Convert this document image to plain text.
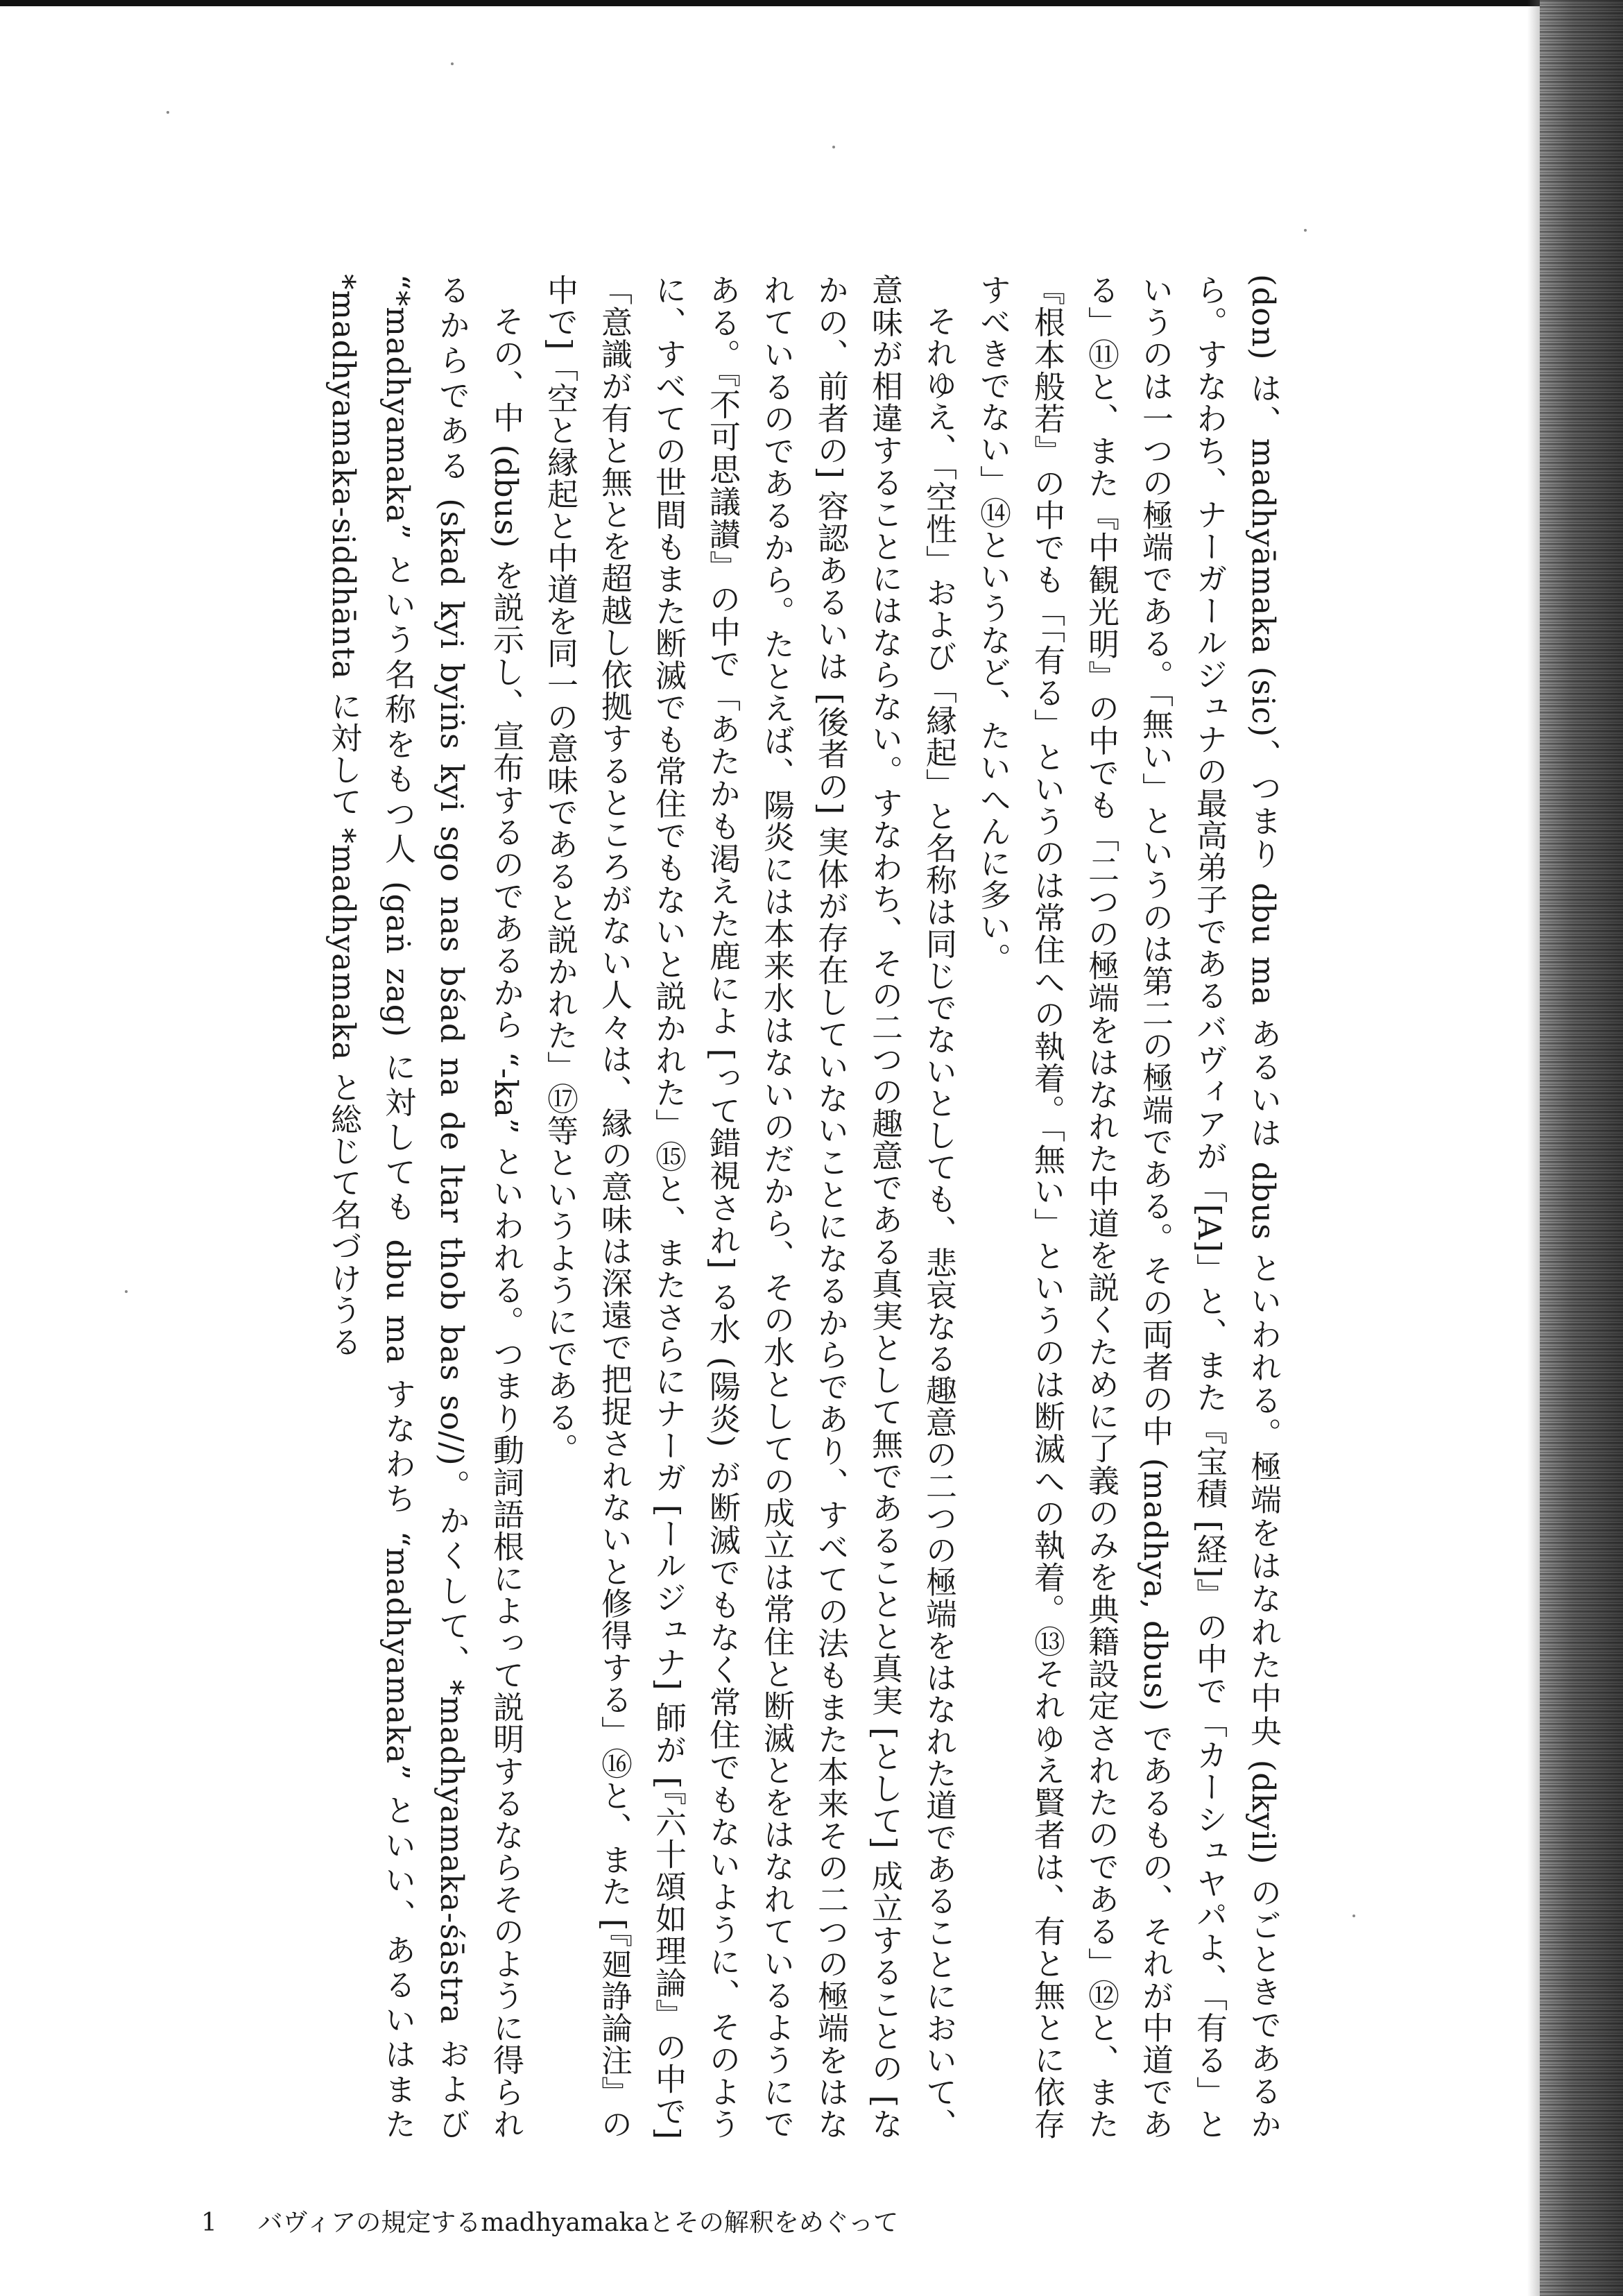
(don) は、madhyāmaka (sic)、つまり dbu ma あるいは dbus といわれる。極端をはなれた中央 (dkyil) のごときであるから。すなわち、ナーガールジュナの最高弟子であるバヴィアが「[A]」と、また『宝積 [経]』の中で「カーシュヤパよ、「有る」というのは一つの極端である。「無い」というのは第二の極端である。その両者の中 (madhya, dbus) であるもの、それが中道である」⑪と、また『中観光明』の中でも「二つの極端をはなれた中道を説くために了義のみを典籍設定されたのである」⑫と、また『根本般若』の中でも「「有る」というのは常住への執着。「無い」というのは断滅への執着。⑬それゆえ賢者は、有と無とに依存すべきでない」⑭というなど、たいへんに多い。

それゆえ、「空性」および「縁起」と名称は同じでないとしても、悲哀なる趣意の二つの極端をはなれた道であることにおいて、意味が相違することにはならない。すなわち、その二つの趣意である真実として無であることと真実 [として] 成立することの [なかの、前者の] 容認あるいは [後者の] 実体が存在していないことになるからであり、すべての法もまた本来その二つの極端をはなれているのであるから。たとえば、陽炎には本来水はないのだから、その水としての成立は常住と断滅とをはなれているようにである。『不可思議讃』の中で「あたかも渇えた鹿によ [って錯視され] る水 (陽炎) が断滅でもなく常住でもないように、そのように、すべての世間もまた断滅でも常住でもないと説かれた」⑮と、またさらにナーガ [ールジュナ] 師が [『六十頌如理論』の中で]「意識が有と無とを超越し依拠するところがない人々は、縁の意味は深遠で把捉されないと修得する」⑯と、また [『廻諍論注』の中で]「空と縁起と中道を同一の意味であると説かれた」⑰等というようにである。

その、中 (dbus) を説示し、宣布するのであるから “-ka” といわれる。つまり動詞語根によって説明するならそのように得られるからである (skad kyi byiṅs kyi sgo nas bśad na de ltar thob bas so//)。かくして、*madhyamaka-śāstra および “*madhyamaka” という名称をもつ人 (gaṅ zag) に対しても dbu ma すなわち “madhyamaka” といい、あるいはまた *madhyamaka-siddhānta に対して *madhyamaka と総じて名づけうる

1 バヴィアの規定するmadhyamakaとその解釈をめぐって
